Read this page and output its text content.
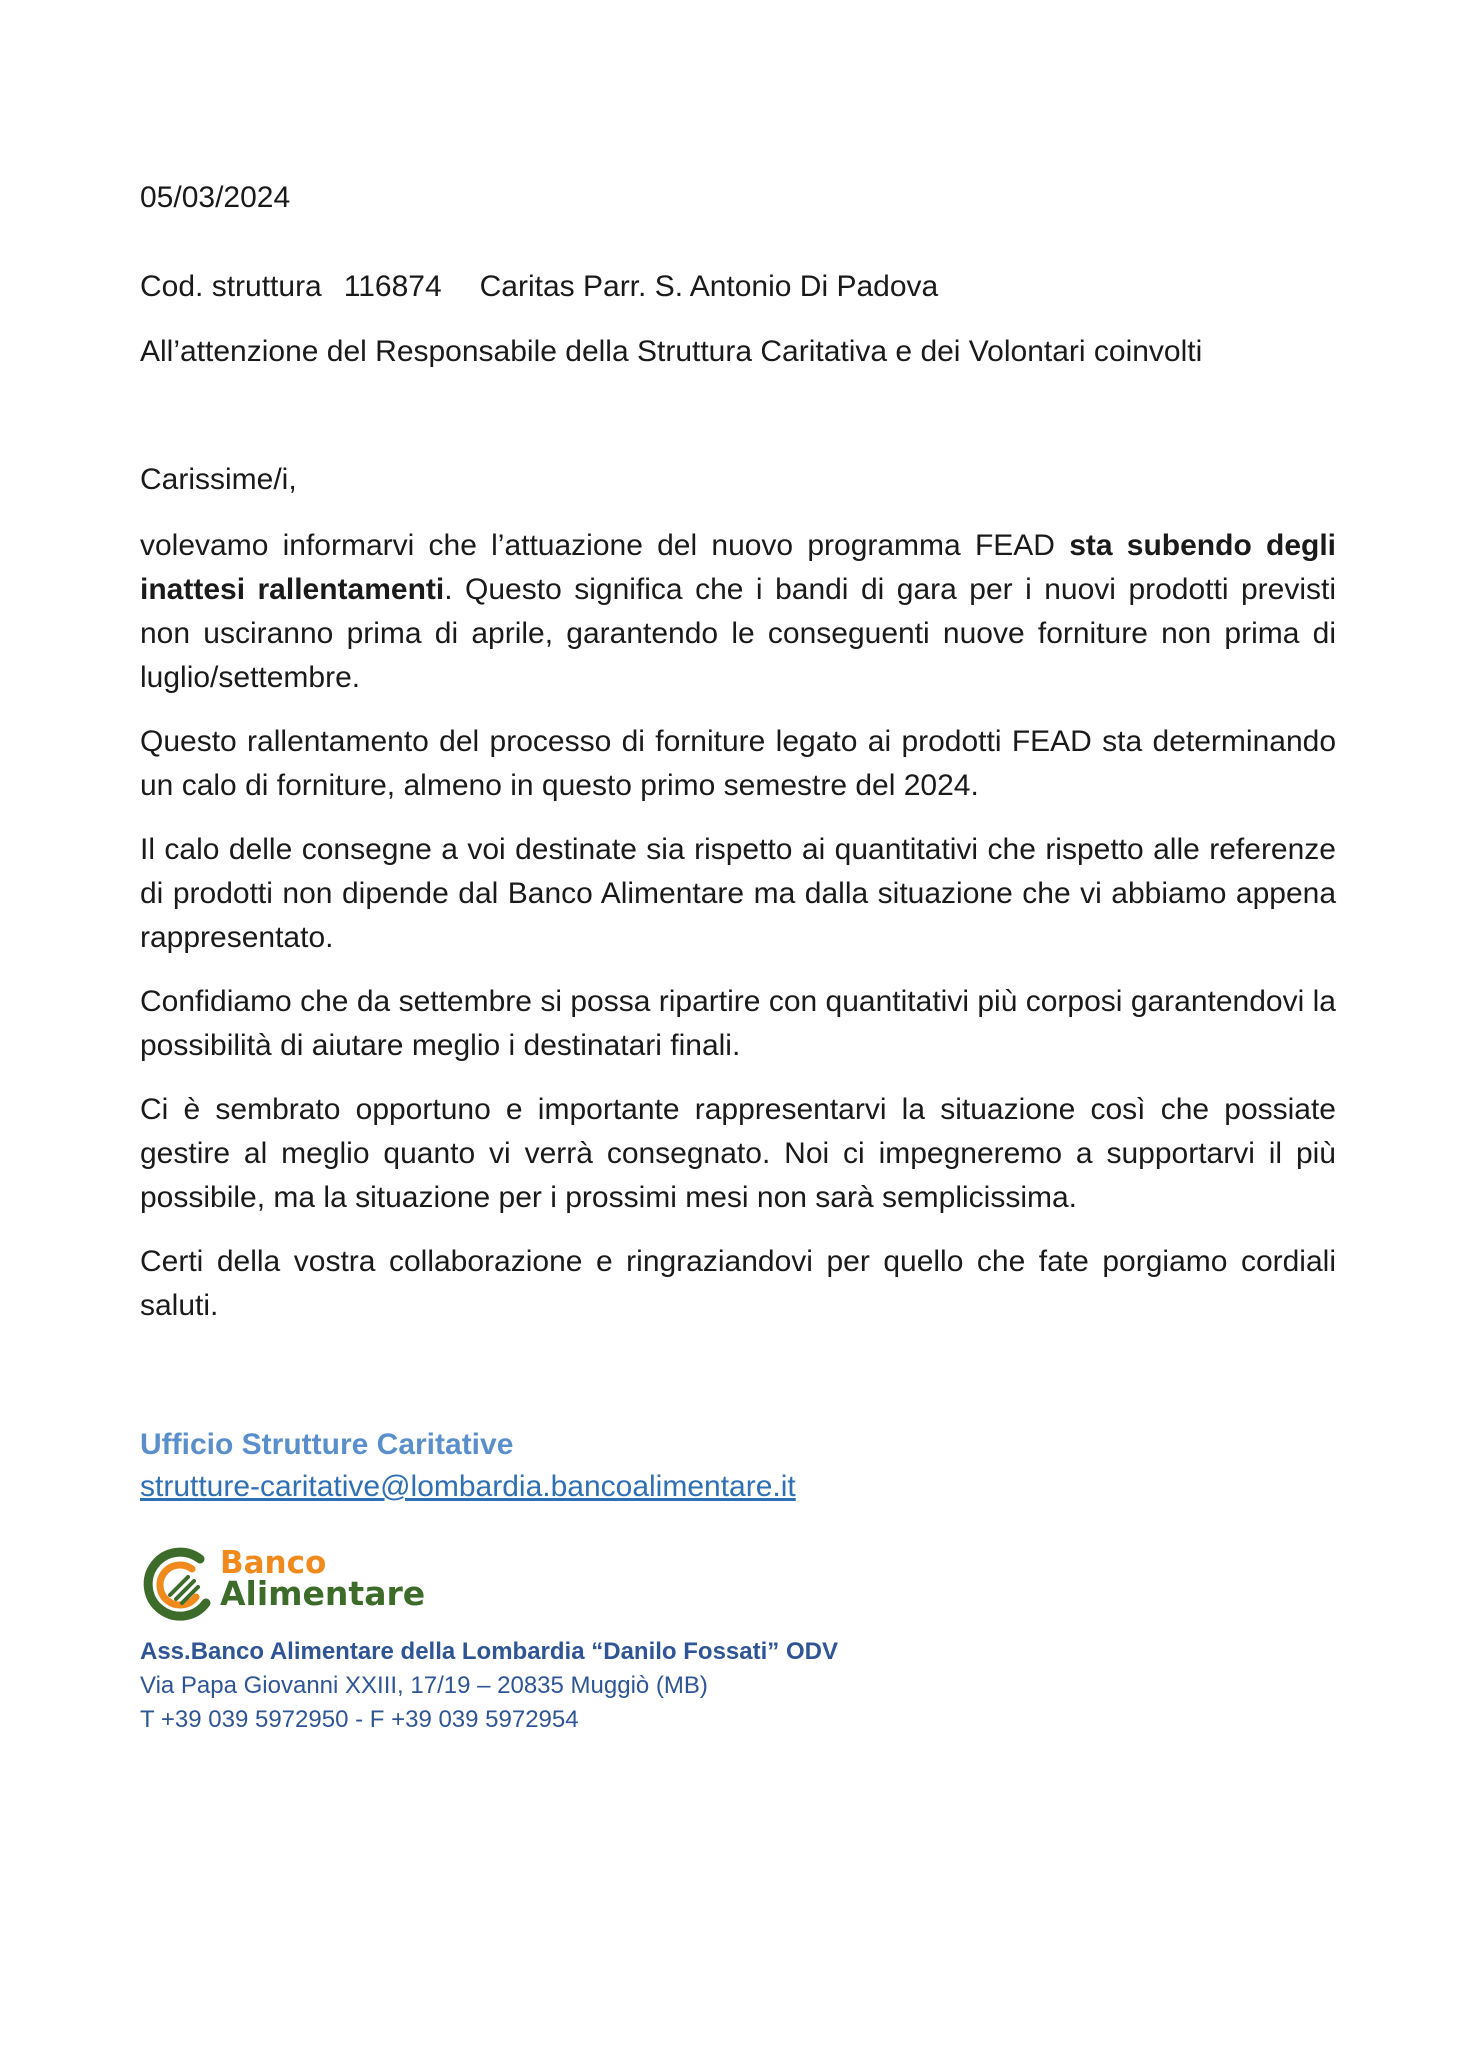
05/03/2024

Cod. struttura 116874 Caritas Parr. S. Antonio Di Padova

All’attenzione del Responsabile della Struttura Caritativa e dei Volontari coinvolti

Carissime/i,

volevamo informarvi che l’attuazione del nuovo programma FEAD sta subendo degli inattesi rallentamenti. Questo significa che i bandi di gara per i nuovi prodotti previsti non usciranno prima di aprile, garantendo le conseguenti nuove forniture non prima di luglio/settembre.

Questo rallentamento del processo di forniture legato ai prodotti FEAD sta determinando un calo di forniture, almeno in questo primo semestre del 2024.

Il calo delle consegne a voi destinate sia rispetto ai quantitativi che rispetto alle referenze di prodotti non dipende dal Banco Alimentare ma dalla situazione che vi abbiamo appena rappresentato.

Confidiamo che da settembre si possa ripartire con quantitativi più corposi garantendovi la possibilità di aiutare meglio i destinatari finali.

Ci è sembrato opportuno e importante rappresentarvi la situazione così che possiate gestire al meglio quanto vi verrà consegnato. Noi ci impegneremo a supportarvi il più possibile, ma la situazione per i prossimi mesi non sarà semplicissima.

Certi della vostra collaborazione e ringraziandovi per quello che fate porgiamo cordiali saluti.

Ufficio Strutture Caritative

strutture-caritative@lombardia.bancoalimentare.it
Banco
Alimentare

Ass.Banco Alimentare della Lombardia “Danilo Fossati” ODV

Via Papa Giovanni XXIII, 17/19 – 20835 Muggiò (MB)

T +39 039 5972950 - F +39 039 5972954
